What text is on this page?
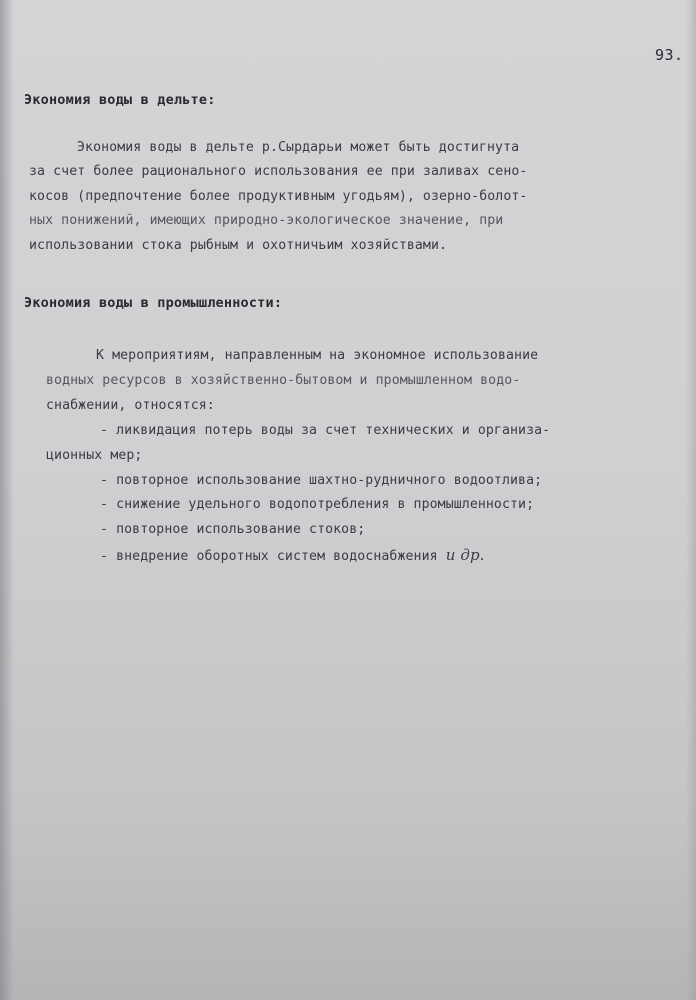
93.
Экономия воды в дельте:
Экономия воды в дельте р.Сырдарьи может быть достигнута
за счет более рационального использования ее при заливах сено-
косов (предпочтение более продуктивным угодьям), озерно-болот-
ных понижений, имеющих природно-экологическое значение, при
использовании стока рыбным и охотничьим хозяйствами.
Экономия воды в промышленности:
К мероприятиям, направленным на экономное использование
водных ресурсов в хозяйственно-бытовом и промышленном водо-
снабжении, относятся:
- ликвидация потерь воды за счет технических и организа-
ционных мер;
- повторное использование шахтно-рудничного водоотлива;
- снижение удельного водопотребления в промышленности;
- повторное использование стоков;
- внедрение оборотных систем водоснабжения и др.
